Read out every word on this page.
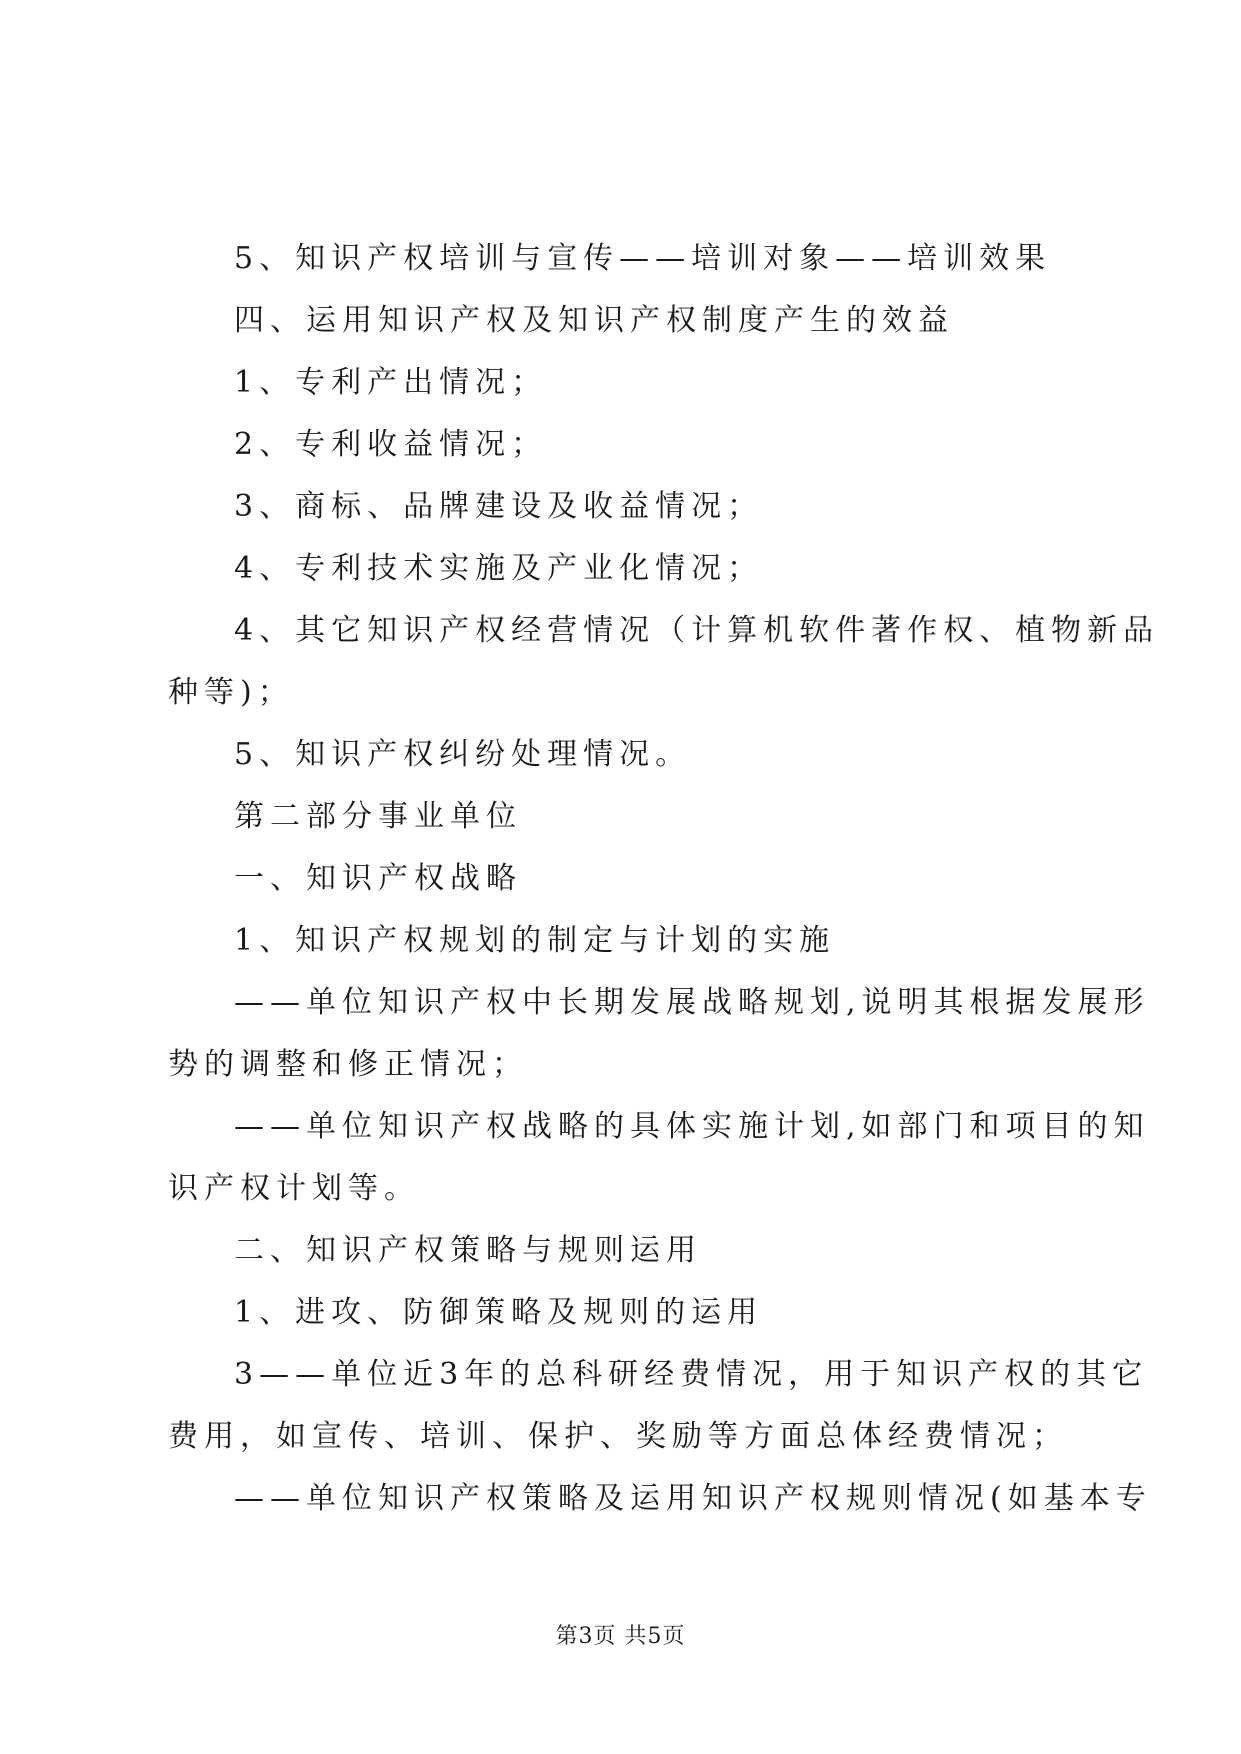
5、知识产权培训与宣传——培训对象——培训效果
四、运用知识产权及知识产权制度产生的效益
1、专利产出情况；
2、专利收益情况；
3、商标、品牌建设及收益情况；
4、专利技术实施及产业化情况；
4、其它知识产权经营情况（计算机软件著作权、植物新品
种等)；
5、知识产权纠纷处理情况。
第二部分事业单位
一、知识产权战略
1、知识产权规划的制定与计划的实施
——单位知识产权中长期发展战略规划,说明其根据发展形
势的调整和修正情况；
——单位知识产权战略的具体实施计划,如部门和项目的知
识产权计划等。
二、知识产权策略与规则运用
1、进攻、防御策略及规则的运用
3——单位近3年的总科研经费情况，用于知识产权的其它
费用，如宣传、培训、保护、奖励等方面总体经费情况；
——单位知识产权策略及运用知识产权规则情况(如基本专
第3页 共5页
